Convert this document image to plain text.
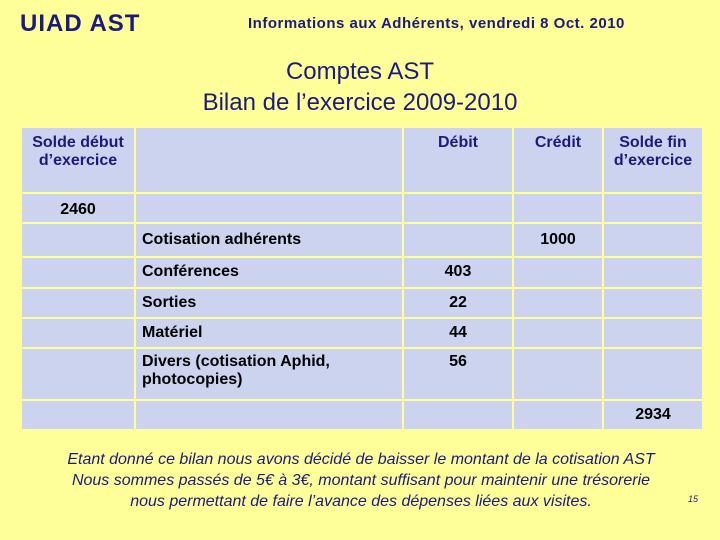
UIAD AST	Informations aux Adhérents, vendredi 8 Oct. 2010
Comptes AST
Bilan de l’exercice 2009-2010
Solde début d’exercice		Débit	Crédit	Solde fin d’exercice
2460				
	Cotisation adhérents		1000	
	Conférences	403		
	Sorties	22		
	Matériel	44		
	Divers (cotisation Aphid, photocopies)	56		
				2934
Etant donné ce bilan nous avons décidé de baisser le montant de la cotisation AST
Nous sommes passés de 5€ à 3€, montant suffisant pour maintenir une trésorerie
nous permettant de faire l’avance des dépenses liées aux visites.	15
